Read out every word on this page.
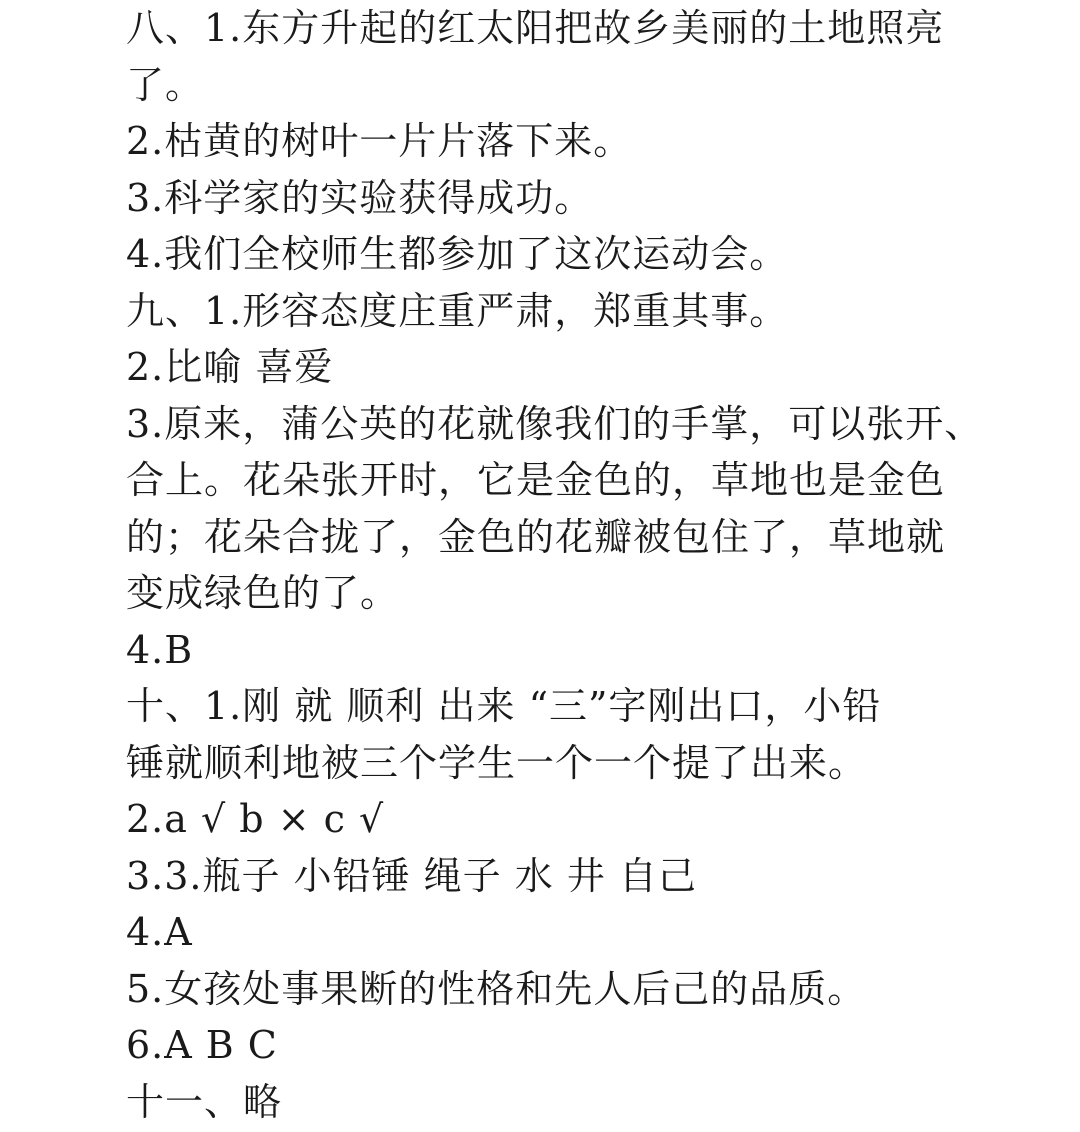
八、1.东方升起的红太阳把故乡美丽的土地照亮
了。
2.枯黄的树叶一片片落下来。
3.科学家的实验获得成功。
4.我们全校师生都参加了这次运动会。
九、1.形容态度庄重严肃，郑重其事。
2.比喻 喜爱
3.原来，蒲公英的花就像我们的手掌，可以张开、
合上。花朵张开时，它是金色的，草地也是金色
的；花朵合拢了，金色的花瓣被包住了，草地就
变成绿色的了。
4.B
十、1.刚 就 顺利 出来 “三”字刚出口，小铅
锤就顺利地被三个学生一个一个提了出来。
2.a √ b × c √
3.3.瓶子 小铅锤 绳子 水 井 自己
4.A
5.女孩处事果断的性格和先人后己的品质。
6.A B C
十一、略
